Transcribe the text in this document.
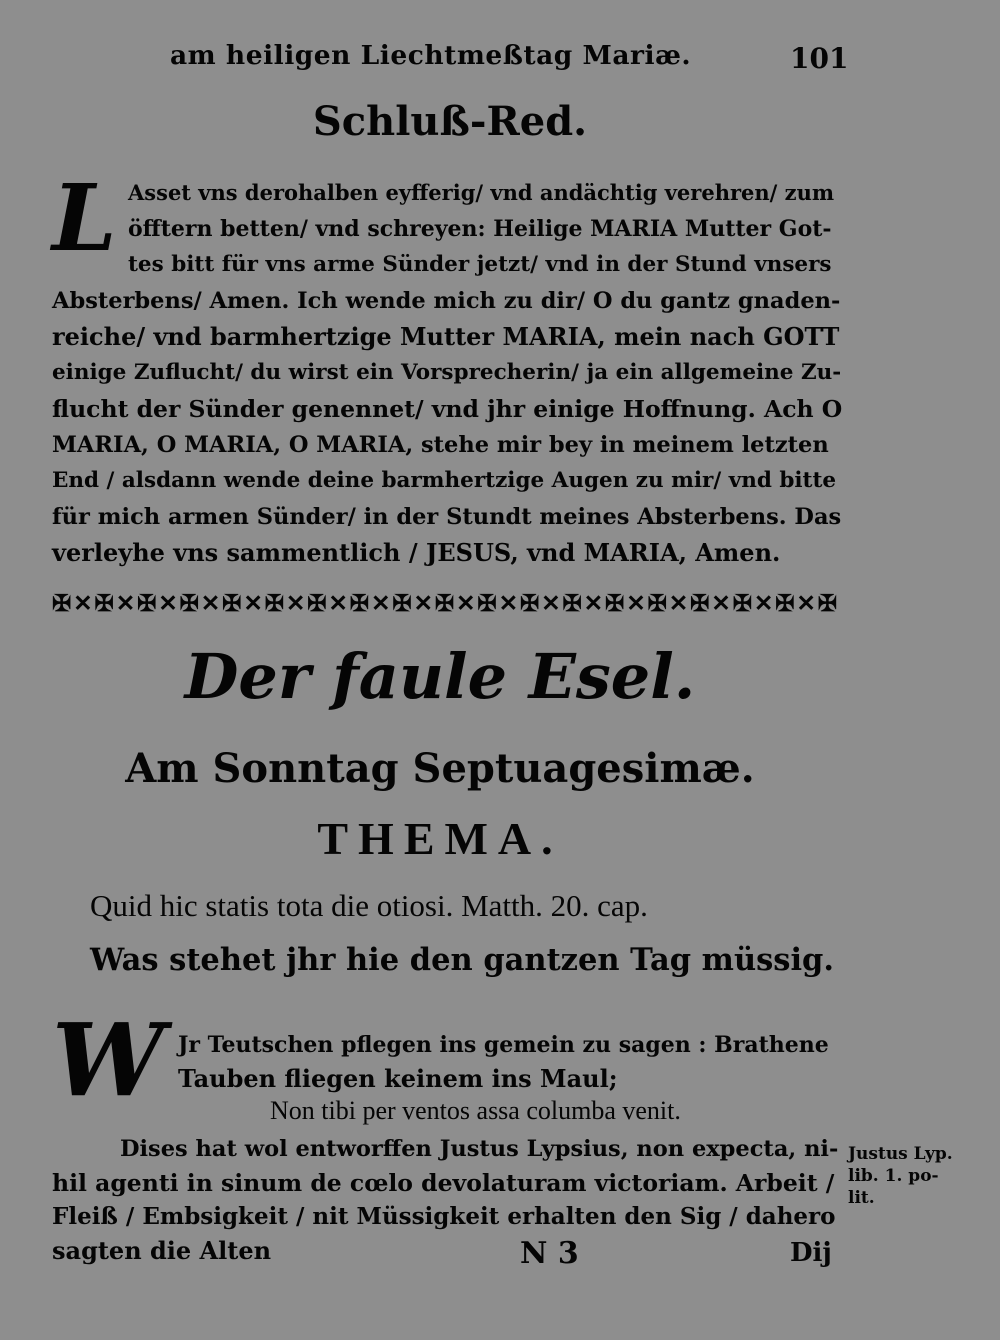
am heiligen Liechtmeßtag Mariæ.	101
Schluß-Red.
L Asset vns derohalben eyfferig/ vnd andächtig verehren/ zum
öfftern betten/ vnd schreyen: Heilige MARIA Mutter Got-
tes bitt für vns arme Sünder jetzt/ vnd in der Stund vnsers
Absterbens/ Amen. Ich wende mich zu dir/ O du gantz gnaden-
reiche/ vnd barmhertzige Mutter MARIA, mein nach GOTT
einige Zuflucht/ du wirst ein Vorsprecherin/ ja ein allgemeine Zu-
flucht der Sünder genennet/ vnd jhr einige Hoffnung. Ach O
MARIA, O MARIA, O MARIA, stehe mir bey in meinem letzten
End / alsdann wende deine barmhertzige Augen zu mir/ vnd bitte
für mich armen Sünder/ in der Stundt meines Absterbens. Das
verleyhe vns sammentlich / JESUS, vnd MARIA, Amen.
✠✕✠✕✠✕✠✕✠✕✠✕✠✕✠✕✠✕✠✕✠✕✠✕✠✕✠✕✠✕✠✕✠✕✠✕✠
Der faule Esel.
Am Sonntag Septuagesimæ.
THEMA.
Quid hic statis tota die otiosi. Matth. 20. cap.
Was stehet jhr hie den gantzen Tag müssig.
W Jr Teutschen pflegen ins gemein zu sagen : Brathene
Tauben fliegen keinem ins Maul;
Non tibi per ventos assa columba venit.
Dises hat wol entworffen Justus Lypsius, non expecta, ni-
hil agenti in sinum de cœlo devolaturam victoriam. Arbeit /
Fleiß / Embsigkeit / nit Müssigkeit erhalten den Sig / dahero
sagten die Alten
Justus Lyp.
lib. 1. po-
lit.
N 3	Dij
